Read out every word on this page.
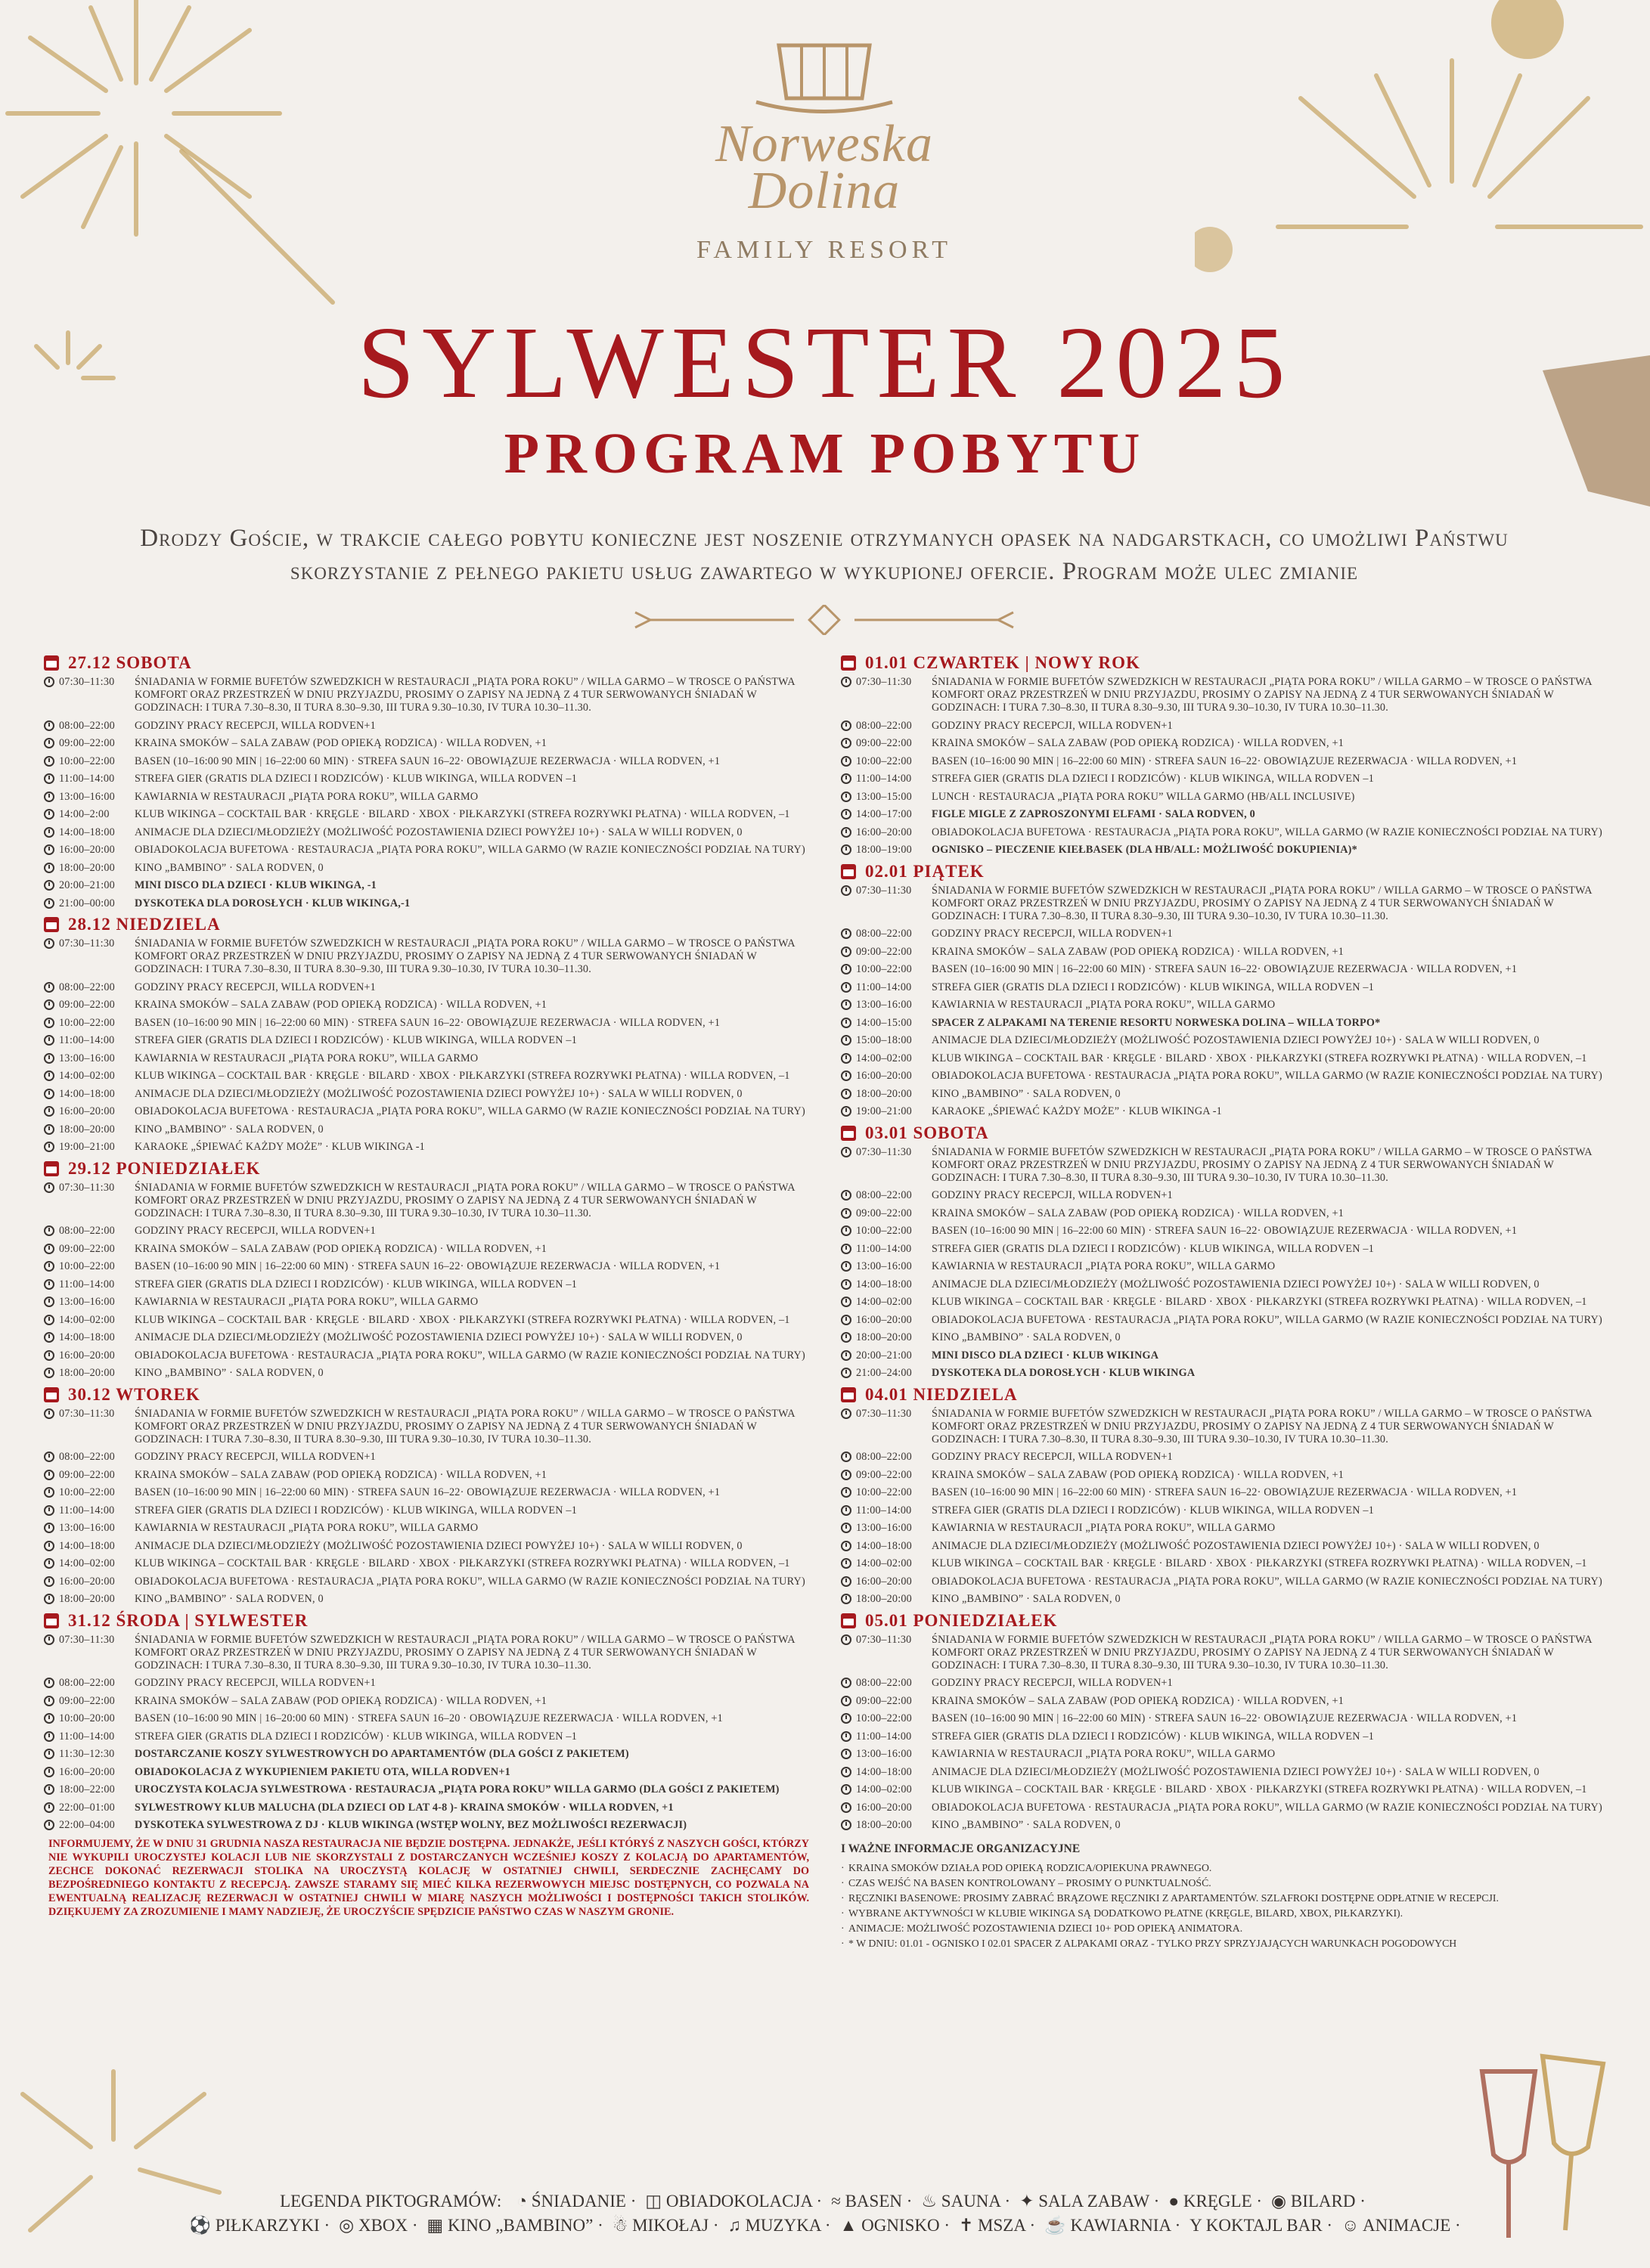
Norweska Dolina
FAMILY RESORT
SYLWESTER 2025
PROGRAM POBYTU
Drodzy Goście, w trakcie całego pobytu konieczne jest noszenie otrzymanych opasek na nadgarstkach, co umożliwi Państwu skorzystanie z pełnego pakietu usług zawartego w wykupionej ofercie. Program może ulec zmianie
27.12 SOBOTA
07:30–11:30	ŚNIADANIA W FORMIE BUFETÓW SZWEDZKICH W RESTAURACJI „PIĄTA PORA ROKU” / WILLA GARMO – W TROSCE O PAŃSTWA KOMFORT ORAZ PRZESTRZEŃ W DNIU PRZYJAZDU, PROSIMY O ZAPISY NA JEDNĄ Z 4 TUR SERWOWANYCH ŚNIADAŃ W GODZINACH: I TURA 7.30–8.30, II TURA 8.30–9.30, III TURA 9.30–10.30, IV TURA 10.30–11.30.
08:00–22:00	GODZINY PRACY RECEPCJI, WILLA RODVEN+1
09:00–22:00	KRAINA SMOKÓW – SALA ZABAW (POD OPIEKĄ RODZICA) · WILLA RODVEN, +1
10:00–22:00	BASEN (10–16:00 90 MIN | 16–22:00 60 MIN) · STREFA SAUN 16–22· OBOWIĄZUJE REZERWACJA · WILLA RODVEN, +1
11:00–14:00	STREFA GIER (GRATIS DLA DZIECI I RODZICÓW) · KLUB WIKINGA, WILLA RODVEN –1
13:00–16:00	KAWIARNIA W RESTAURACJI „PIĄTA PORA ROKU”, WILLA GARMO
14:00–2:00	KLUB WIKINGA – COCKTAIL BAR · KRĘGLE · BILARD · XBOX · PIŁKARZYKI (STREFA ROZRYWKI PŁATNA) · WILLA RODVEN, –1
14:00–18:00	ANIMACJE DLA DZIECI/MŁODZIEŻY (MOŻLIWOŚĆ POZOSTAWIENIA DZIECI POWYŻEJ 10+) · SALA W WILLI RODVEN, 0
16:00–20:00	OBIADOKOLACJA BUFETOWA · RESTAURACJA „PIĄTA PORA ROKU”, WILLA GARMO (W RAZIE KONIECZNOŚCI PODZIAŁ NA TURY)
18:00–20:00	KINO „BAMBINO” · SALA RODVEN, 0
20:00–21:00	MINI DISCO DLA DZIECI · KLUB WIKINGA, -1
21:00–00:00	DYSKOTEKA DLA DOROSŁYCH · KLUB WIKINGA,-1
28.12 NIEDZIELA
07:30–11:30	ŚNIADANIA W FORMIE BUFETÓW SZWEDZKICH W RESTAURACJI „PIĄTA PORA ROKU” / WILLA GARMO – W TROSCE O PAŃSTWA KOMFORT ORAZ PRZESTRZEŃ W DNIU PRZYJAZDU, PROSIMY O ZAPISY NA JEDNĄ Z 4 TUR SERWOWANYCH ŚNIADAŃ W GODZINACH: I TURA 7.30–8.30, II TURA 8.30–9.30, III TURA 9.30–10.30, IV TURA 10.30–11.30.
08:00–22:00	GODZINY PRACY RECEPCJI, WILLA RODVEN+1
09:00–22:00	KRAINA SMOKÓW – SALA ZABAW (POD OPIEKĄ RODZICA) · WILLA RODVEN, +1
10:00–22:00	BASEN (10–16:00 90 MIN | 16–22:00 60 MIN) · STREFA SAUN 16–22· OBOWIĄZUJE REZERWACJA · WILLA RODVEN, +1
11:00–14:00	STREFA GIER (GRATIS DLA DZIECI I RODZICÓW) · KLUB WIKINGA, WILLA RODVEN –1
13:00–16:00	KAWIARNIA W RESTAURACJI „PIĄTA PORA ROKU”, WILLA GARMO
14:00–02:00	KLUB WIKINGA – COCKTAIL BAR · KRĘGLE · BILARD · XBOX · PIŁKARZYKI (STREFA ROZRYWKI PŁATNA) · WILLA RODVEN, –1
14:00–18:00	ANIMACJE DLA DZIECI/MŁODZIEŻY (MOŻLIWOŚĆ POZOSTAWIENIA DZIECI POWYŻEJ 10+) · SALA W WILLI RODVEN, 0
16:00–20:00	OBIADOKOLACJA BUFETOWA · RESTAURACJA „PIĄTA PORA ROKU”, WILLA GARMO (W RAZIE KONIECZNOŚCI PODZIAŁ NA TURY)
18:00–20:00	KINO „BAMBINO” · SALA RODVEN, 0
19:00–21:00	KARAOKE „ŚPIEWAĆ KAŻDY MOŻE” · KLUB WIKINGA -1
29.12 PONIEDZIAŁEK
07:30–11:30	ŚNIADANIA W FORMIE BUFETÓW SZWEDZKICH W RESTAURACJI „PIĄTA PORA ROKU” / WILLA GARMO – W TROSCE O PAŃSTWA KOMFORT ORAZ PRZESTRZEŃ W DNIU PRZYJAZDU, PROSIMY O ZAPISY NA JEDNĄ Z 4 TUR SERWOWANYCH ŚNIADAŃ W GODZINACH: I TURA 7.30–8.30, II TURA 8.30–9.30, III TURA 9.30–10.30, IV TURA 10.30–11.30.
08:00–22:00	GODZINY PRACY RECEPCJI, WILLA RODVEN+1
09:00–22:00	KRAINA SMOKÓW – SALA ZABAW (POD OPIEKĄ RODZICA) · WILLA RODVEN, +1
10:00–22:00	BASEN (10–16:00 90 MIN | 16–22:00 60 MIN) · STREFA SAUN 16–22· OBOWIĄZUJE REZERWACJA · WILLA RODVEN, +1
11:00–14:00	STREFA GIER (GRATIS DLA DZIECI I RODZICÓW) · KLUB WIKINGA, WILLA RODVEN –1
13:00–16:00	KAWIARNIA W RESTAURACJI „PIĄTA PORA ROKU”, WILLA GARMO
14:00–02:00	KLUB WIKINGA – COCKTAIL BAR · KRĘGLE · BILARD · XBOX · PIŁKARZYKI (STREFA ROZRYWKI PŁATNA) · WILLA RODVEN, –1
14:00–18:00	ANIMACJE DLA DZIECI/MŁODZIEŻY (MOŻLIWOŚĆ POZOSTAWIENIA DZIECI POWYŻEJ 10+) · SALA W WILLI RODVEN, 0
16:00–20:00	OBIADOKOLACJA BUFETOWA · RESTAURACJA „PIĄTA PORA ROKU”, WILLA GARMO (W RAZIE KONIECZNOŚCI PODZIAŁ NA TURY)
18:00–20:00	KINO „BAMBINO” · SALA RODVEN, 0
30.12 WTOREK
07:30–11:30	ŚNIADANIA W FORMIE BUFETÓW SZWEDZKICH W RESTAURACJI „PIĄTA PORA ROKU” / WILLA GARMO – W TROSCE O PAŃSTWA KOMFORT ORAZ PRZESTRZEŃ W DNIU PRZYJAZDU, PROSIMY O ZAPISY NA JEDNĄ Z 4 TUR SERWOWANYCH ŚNIADAŃ W GODZINACH: I TURA 7.30–8.30, II TURA 8.30–9.30, III TURA 9.30–10.30, IV TURA 10.30–11.30.
08:00–22:00	GODZINY PRACY RECEPCJI, WILLA RODVEN+1
09:00–22:00	KRAINA SMOKÓW – SALA ZABAW (POD OPIEKĄ RODZICA) · WILLA RODVEN, +1
10:00–22:00	BASEN (10–16:00 90 MIN | 16–22:00 60 MIN) · STREFA SAUN 16–22· OBOWIĄZUJE REZERWACJA · WILLA RODVEN, +1
11:00–14:00	STREFA GIER (GRATIS DLA DZIECI I RODZICÓW) · KLUB WIKINGA, WILLA RODVEN –1
13:00–16:00	KAWIARNIA W RESTAURACJI „PIĄTA PORA ROKU”, WILLA GARMO
14:00–18:00	ANIMACJE DLA DZIECI/MŁODZIEŻY (MOŻLIWOŚĆ POZOSTAWIENIA DZIECI POWYŻEJ 10+) · SALA W WILLI RODVEN, 0
14:00–02:00	KLUB WIKINGA – COCKTAIL BAR · KRĘGLE · BILARD · XBOX · PIŁKARZYKI (STREFA ROZRYWKI PŁATNA) · WILLA RODVEN, –1
16:00–20:00	OBIADOKOLACJA BUFETOWA · RESTAURACJA „PIĄTA PORA ROKU”, WILLA GARMO (W RAZIE KONIECZNOŚCI PODZIAŁ NA TURY)
18:00–20:00	KINO „BAMBINO” · SALA RODVEN, 0
31.12 ŚRODA | SYLWESTER
07:30–11:30	ŚNIADANIA W FORMIE BUFETÓW SZWEDZKICH W RESTAURACJI „PIĄTA PORA ROKU” / WILLA GARMO – W TROSCE O PAŃSTWA KOMFORT ORAZ PRZESTRZEŃ W DNIU PRZYJAZDU, PROSIMY O ZAPISY NA JEDNĄ Z 4 TUR SERWOWANYCH ŚNIADAŃ W GODZINACH: I TURA 7.30–8.30, II TURA 8.30–9.30, III TURA 9.30–10.30, IV TURA 10.30–11.30.
08:00–22:00	GODZINY PRACY RECEPCJI, WILLA RODVEN+1
09:00–22:00	KRAINA SMOKÓW – SALA ZABAW (POD OPIEKĄ RODZICA) · WILLA RODVEN, +1
10:00–20:00	BASEN (10–16:00 90 MIN | 16–20:00 60 MIN) · STREFA SAUN 16–20 · OBOWIĄZUJE REZERWACJA · WILLA RODVEN, +1
11:00–14:00	STREFA GIER (GRATIS DLA DZIECI I RODZICÓW) · KLUB WIKINGA, WILLA RODVEN –1
11:30–12:30	DOSTARCZANIE KOSZY SYLWESTROWYCH DO APARTAMENTÓW (DLA GOŚCI Z PAKIETEM)
16:00–20:00	OBIADOKOLACJA Z WYKUPIENIEM PAKIETU OTA, WILLA RODVEN+1
18:00–22:00	UROCZYSTA KOLACJA SYLWESTROWA · RESTAURACJA „PIĄTA PORA ROKU” WILLA GARMO (DLA GOŚCI Z PAKIETEM)
22:00–01:00	SYLWESTROWY KLUB MALUCHA (DLA DZIECI OD LAT 4-8 )- KRAINA SMOKÓW · WILLA RODVEN, +1
22:00–04:00	DYSKOTEKA SYLWESTROWA Z DJ · KLUB WIKINGA (WSTĘP WOLNY, BEZ MOŻLIWOŚCI REZERWACJI)
INFORMUJEMY, ŻE W DNIU 31 GRUDNIA NASZA RESTAURACJA NIE BĘDZIE DOSTĘPNA. JEDNAKŻE, JEŚLI KTÓRYŚ Z NASZYCH GOŚCI, KTÓRZY NIE WYKUPILI UROCZYSTEJ KOLACJI LUB NIE SKORZYSTALI Z DOSTARCZANYCH WCZEŚNIEJ KOSZY Z KOLACJĄ DO APARTAMENTÓW, ZECHCE DOKONAĆ REZERWACJI STOLIKA NA UROCZYSTĄ KOLACJĘ W OSTATNIEJ CHWILI, SERDECZNIE ZACHĘCAMY DO BEZPOŚREDNIEGO KONTAKTU Z RECEPCJĄ. ZAWSZE STARAMY SIĘ MIEĆ KILKA REZERWOWYCH MIEJSC DOSTĘPNYCH, CO POZWALA NA EWENTUALNĄ REALIZACJĘ REZERWACJI W OSTATNIEJ CHWILI W MIARĘ NASZYCH MOŻLIWOŚCI I DOSTĘPNOŚCI TAKICH STOLIKÓW. DZIĘKUJEMY ZA ZROZUMIENIE I MAMY NADZIEJĘ, ŻE UROCZYŚCIE SPĘDZICIE PAŃSTWO CZAS W NASZYM GRONIE.
01.01 CZWARTEK | NOWY ROK
07:30–11:30	ŚNIADANIA W FORMIE BUFETÓW SZWEDZKICH W RESTAURACJI „PIĄTA PORA ROKU” / WILLA GARMO – W TROSCE O PAŃSTWA KOMFORT ORAZ PRZESTRZEŃ W DNIU PRZYJAZDU, PROSIMY O ZAPISY NA JEDNĄ Z 4 TUR SERWOWANYCH ŚNIADAŃ W GODZINACH: I TURA 7.30–8.30, II TURA 8.30–9.30, III TURA 9.30–10.30, IV TURA 10.30–11.30.
08:00–22:00	GODZINY PRACY RECEPCJI, WILLA RODVEN+1
09:00–22:00	KRAINA SMOKÓW – SALA ZABAW (POD OPIEKĄ RODZICA) · WILLA RODVEN, +1
10:00–22:00	BASEN (10–16:00 90 MIN | 16–22:00 60 MIN) · STREFA SAUN 16–22· OBOWIĄZUJE REZERWACJA · WILLA RODVEN, +1
11:00–14:00	STREFA GIER (GRATIS DLA DZIECI I RODZICÓW) · KLUB WIKINGA, WILLA RODVEN –1
13:00–15:00	LUNCH · RESTAURACJA „PIĄTA PORA ROKU” WILLA GARMO (HB/ALL INCLUSIVE)
14:00–17:00	FIGLE MIGLE Z ZAPROSZONYMI ELFAMI · SALA RODVEN, 0
16:00–20:00	OBIADOKOLACJA BUFETOWA · RESTAURACJA „PIĄTA PORA ROKU”, WILLA GARMO (W RAZIE KONIECZNOŚCI PODZIAŁ NA TURY)
18:00–19:00	OGNISKO – PIECZENIE KIEŁBASEK (DLA HB/ALL: MOŻLIWOŚĆ DOKUPIENIA)*
02.01 PIĄTEK
07:30–11:30	ŚNIADANIA W FORMIE BUFETÓW SZWEDZKICH W RESTAURACJI „PIĄTA PORA ROKU” / WILLA GARMO – W TROSCE O PAŃSTWA KOMFORT ORAZ PRZESTRZEŃ W DNIU PRZYJAZDU, PROSIMY O ZAPISY NA JEDNĄ Z 4 TUR SERWOWANYCH ŚNIADAŃ W GODZINACH: I TURA 7.30–8.30, II TURA 8.30–9.30, III TURA 9.30–10.30, IV TURA 10.30–11.30.
08:00–22:00	GODZINY PRACY RECEPCJI, WILLA RODVEN+1
09:00–22:00	KRAINA SMOKÓW – SALA ZABAW (POD OPIEKĄ RODZICA) · WILLA RODVEN, +1
10:00–22:00	BASEN (10–16:00 90 MIN | 16–22:00 60 MIN) · STREFA SAUN 16–22· OBOWIĄZUJE REZERWACJA · WILLA RODVEN, +1
11:00–14:00	STREFA GIER (GRATIS DLA DZIECI I RODZICÓW) · KLUB WIKINGA, WILLA RODVEN –1
13:00–16:00	KAWIARNIA W RESTAURACJI „PIĄTA PORA ROKU”, WILLA GARMO
14:00–15:00	SPACER Z ALPAKAMI NA TERENIE RESORTU NORWESKA DOLINA – WILLA TORPO*
15:00–18:00	ANIMACJE DLA DZIECI/MŁODZIEŻY (MOŻLIWOŚĆ POZOSTAWIENIA DZIECI POWYŻEJ 10+) · SALA W WILLI RODVEN, 0
14:00–02:00	KLUB WIKINGA – COCKTAIL BAR · KRĘGLE · BILARD · XBOX · PIŁKARZYKI (STREFA ROZRYWKI PŁATNA) · WILLA RODVEN, –1
16:00–20:00	OBIADOKOLACJA BUFETOWA · RESTAURACJA „PIĄTA PORA ROKU”, WILLA GARMO (W RAZIE KONIECZNOŚCI PODZIAŁ NA TURY)
18:00–20:00	KINO „BAMBINO” · SALA RODVEN, 0
19:00–21:00	KARAOKE „ŚPIEWAĆ KAŻDY MOŻE” · KLUB WIKINGA -1
03.01 SOBOTA
07:30–11:30	ŚNIADANIA W FORMIE BUFETÓW SZWEDZKICH W RESTAURACJI „PIĄTA PORA ROKU” / WILLA GARMO – W TROSCE O PAŃSTWA KOMFORT ORAZ PRZESTRZEŃ W DNIU PRZYJAZDU, PROSIMY O ZAPISY NA JEDNĄ Z 4 TUR SERWOWANYCH ŚNIADAŃ W GODZINACH: I TURA 7.30–8.30, II TURA 8.30–9.30, III TURA 9.30–10.30, IV TURA 10.30–11.30.
08:00–22:00	GODZINY PRACY RECEPCJI, WILLA RODVEN+1
09:00–22:00	KRAINA SMOKÓW – SALA ZABAW (POD OPIEKĄ RODZICA) · WILLA RODVEN, +1
10:00–22:00	BASEN (10–16:00 90 MIN | 16–22:00 60 MIN) · STREFA SAUN 16–22· OBOWIĄZUJE REZERWACJA · WILLA RODVEN, +1
11:00–14:00	STREFA GIER (GRATIS DLA DZIECI I RODZICÓW) · KLUB WIKINGA, WILLA RODVEN –1
13:00–16:00	KAWIARNIA W RESTAURACJI „PIĄTA PORA ROKU”, WILLA GARMO
14:00–18:00	ANIMACJE DLA DZIECI/MŁODZIEŻY (MOŻLIWOŚĆ POZOSTAWIENIA DZIECI POWYŻEJ 10+) · SALA W WILLI RODVEN, 0
14:00–02:00	KLUB WIKINGA – COCKTAIL BAR · KRĘGLE · BILARD · XBOX · PIŁKARZYKI (STREFA ROZRYWKI PŁATNA) · WILLA RODVEN, –1
16:00–20:00	OBIADOKOLACJA BUFETOWA · RESTAURACJA „PIĄTA PORA ROKU”, WILLA GARMO (W RAZIE KONIECZNOŚCI PODZIAŁ NA TURY)
18:00–20:00	KINO „BAMBINO” · SALA RODVEN, 0
20:00–21:00	MINI DISCO DLA DZIECI · KLUB WIKINGA
21:00–24:00	DYSKOTEKA DLA DOROSŁYCH · KLUB WIKINGA
04.01 NIEDZIELA
07:30–11:30	ŚNIADANIA W FORMIE BUFETÓW SZWEDZKICH W RESTAURACJI „PIĄTA PORA ROKU” / WILLA GARMO – W TROSCE O PAŃSTWA KOMFORT ORAZ PRZESTRZEŃ W DNIU PRZYJAZDU, PROSIMY O ZAPISY NA JEDNĄ Z 4 TUR SERWOWANYCH ŚNIADAŃ W GODZINACH: I TURA 7.30–8.30, II TURA 8.30–9.30, III TURA 9.30–10.30, IV TURA 10.30–11.30.
08:00–22:00	GODZINY PRACY RECEPCJI, WILLA RODVEN+1
09:00–22:00	KRAINA SMOKÓW – SALA ZABAW (POD OPIEKĄ RODZICA) · WILLA RODVEN, +1
10:00–22:00	BASEN (10–16:00 90 MIN | 16–22:00 60 MIN) · STREFA SAUN 16–22· OBOWIĄZUJE REZERWACJA · WILLA RODVEN, +1
11:00–14:00	STREFA GIER (GRATIS DLA DZIECI I RODZICÓW) · KLUB WIKINGA, WILLA RODVEN –1
13:00–16:00	KAWIARNIA W RESTAURACJI „PIĄTA PORA ROKU”, WILLA GARMO
14:00–18:00	ANIMACJE DLA DZIECI/MŁODZIEŻY (MOŻLIWOŚĆ POZOSTAWIENIA DZIECI POWYŻEJ 10+) · SALA W WILLI RODVEN, 0
14:00–02:00	KLUB WIKINGA – COCKTAIL BAR · KRĘGLE · BILARD · XBOX · PIŁKARZYKI (STREFA ROZRYWKI PŁATNA) · WILLA RODVEN, –1
16:00–20:00	OBIADOKOLACJA BUFETOWA · RESTAURACJA „PIĄTA PORA ROKU”, WILLA GARMO (W RAZIE KONIECZNOŚCI PODZIAŁ NA TURY)
18:00–20:00	KINO „BAMBINO” · SALA RODVEN, 0
05.01 PONIEDZIAŁEK
07:30–11:30	ŚNIADANIA W FORMIE BUFETÓW SZWEDZKICH W RESTAURACJI „PIĄTA PORA ROKU” / WILLA GARMO – W TROSCE O PAŃSTWA KOMFORT ORAZ PRZESTRZEŃ W DNIU PRZYJAZDU, PROSIMY O ZAPISY NA JEDNĄ Z 4 TUR SERWOWANYCH ŚNIADAŃ W GODZINACH: I TURA 7.30–8.30, II TURA 8.30–9.30, III TURA 9.30–10.30, IV TURA 10.30–11.30.
08:00–22:00	GODZINY PRACY RECEPCJI, WILLA RODVEN+1
09:00–22:00	KRAINA SMOKÓW – SALA ZABAW (POD OPIEKĄ RODZICA) · WILLA RODVEN, +1
10:00–22:00	BASEN (10–16:00 90 MIN | 16–22:00 60 MIN) · STREFA SAUN 16–22· OBOWIĄZUJE REZERWACJA · WILLA RODVEN, +1
11:00–14:00	STREFA GIER (GRATIS DLA DZIECI I RODZICÓW) · KLUB WIKINGA, WILLA RODVEN –1
13:00–16:00	KAWIARNIA W RESTAURACJI „PIĄTA PORA ROKU”, WILLA GARMO
14:00–18:00	ANIMACJE DLA DZIECI/MŁODZIEŻY (MOŻLIWOŚĆ POZOSTAWIENIA DZIECI POWYŻEJ 10+) · SALA W WILLI RODVEN, 0
14:00–02:00	KLUB WIKINGA – COCKTAIL BAR · KRĘGLE · BILARD · XBOX · PIŁKARZYKI (STREFA ROZRYWKI PŁATNA) · WILLA RODVEN, –1
16:00–20:00	OBIADOKOLACJA BUFETOWA · RESTAURACJA „PIĄTA PORA ROKU”, WILLA GARMO (W RAZIE KONIECZNOŚCI PODZIAŁ NA TURY)
18:00–20:00	KINO „BAMBINO” · SALA RODVEN, 0
I WAŻNE INFORMACJE ORGANIZACYJNE
· KRAINA SMOKÓW DZIAŁA POD OPIEKĄ RODZICA/OPIEKUNA PRAWNEGO.
· CZAS WEJŚĆ NA BASEN KONTROLOWANY – PROSIMY O PUNKTUALNOŚĆ.
· RĘCZNIKI BASENOWE: PROSIMY ZABRAĆ BRĄZOWE RĘCZNIKI Z APARTAMENTÓW. SZLAFROKI DOSTĘPNE ODPŁATNIE W RECEPCJI.
· WYBRANE AKTYWNOŚCI W KLUBIE WIKINGA SĄ DODATKOWO PŁATNE (KRĘGLE, BILARD, XBOX, PIŁKARZYKI).
· ANIMACJE: MOŻLIWOŚĆ POZOSTAWIENIA DZIECI 10+ POD OPIEKĄ ANIMATORA.
· * W DNIU: 01.01 - OGNISKO I 02.01 SPACER Z ALPAKAMI ORAZ - TYLKO PRZY SPRZYJAJĄCYCH WARUNKACH POGODOWYCH
LEGENDA PIKTOGRAMÓW: ◔ ŚNIADANIE · ◫ OBIADOKOLACJA · ≈ BASEN · ♨ SAUNA · ✦ SALA ZABAW · ● KRĘGLE · ◉ BILARD ·⚽ PIŁKARZYKI · ◎ XBOX · ▦ KINO „BAMBINO” · ☃ MIKOŁAJ · ♫ MUZYKA · ▲ OGNISKO · ✝ MSZA · ☕ KAWIARNIA · Y KOKTAJL BAR · ☺ ANIMACJE ·
